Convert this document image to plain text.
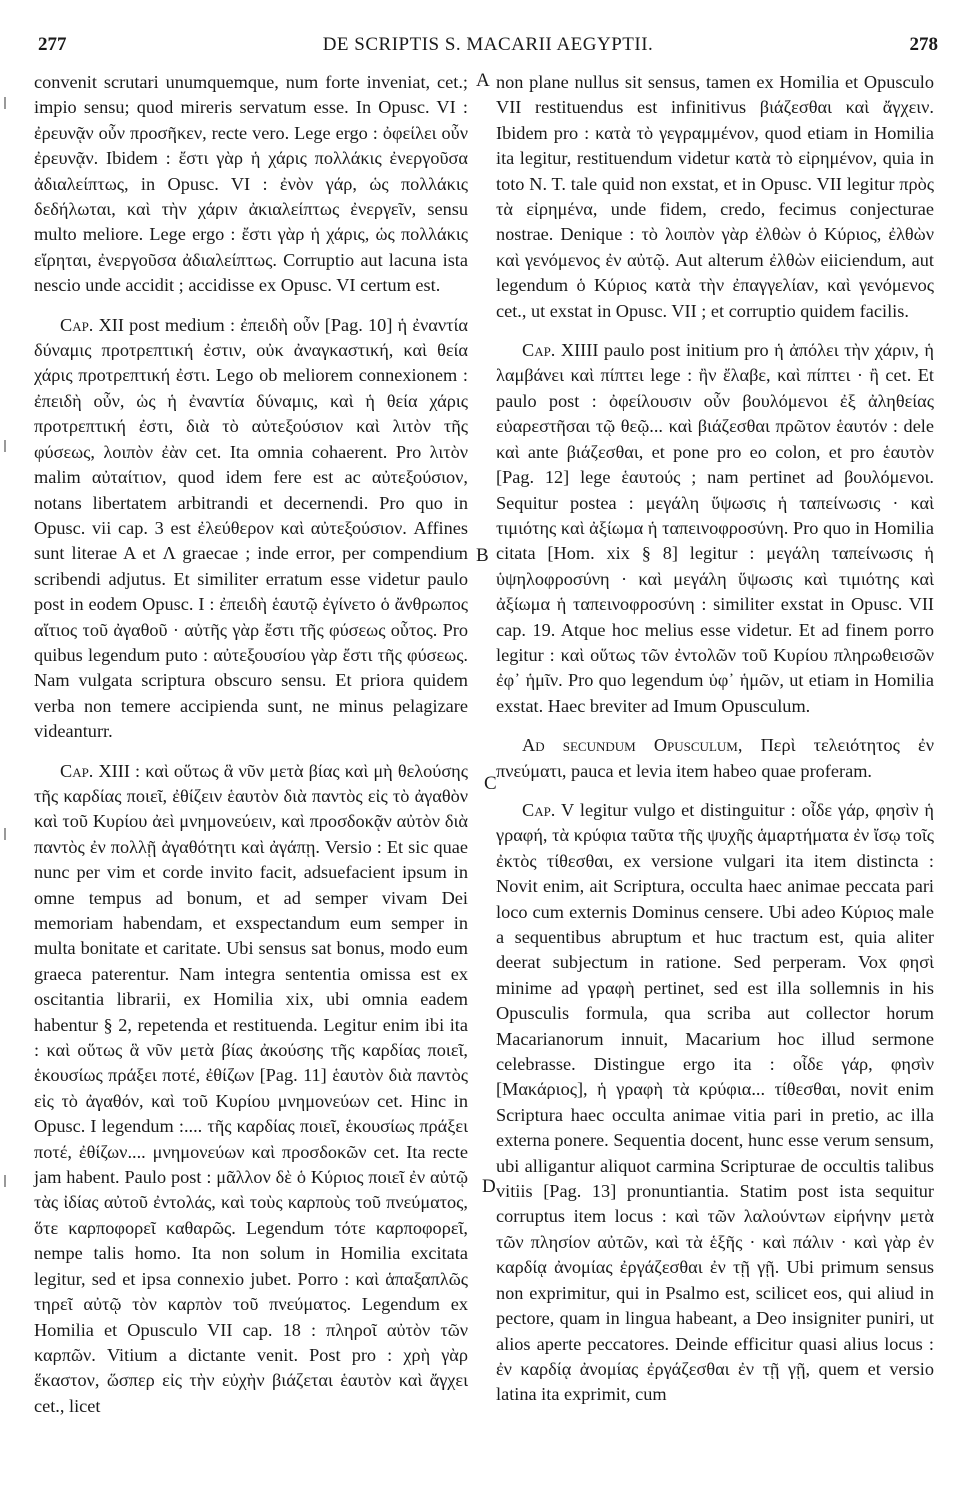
277	DE SCRIPTIS S. MACARII AEGYPTII.	278
A
B
C
D

convenit scrutari unumquemque, num forte inveniat, cet.; impio sensu; quod mireris servatum esse. In Opusc. VI : ἐρευνᾷν οὖν προσῆκεν, recte vero. Lege ergo : ὀφείλει οὖν ἐρευνᾷν. Ibidem : ἔστι γὰρ ἡ χάρις πολλάκις ἐνεργοῦσα ἀδιαλείπτως, in Opusc. VI : ἐνὸν γάρ, ὡς πολλάκις δεδήλωται, καὶ τὴν χάριν ἀκιαλείπτως ἐνεργεῖν, sensu multo meliore. Lege ergo : ἔστι γὰρ ἡ χάρις, ὡς πολλάκις εἴρηται, ἐνεργοῦσα ἀδιαλείπτως. Corruptio aut lacuna ista nescio unde accidit ; accidisse ex Opusc. VI certum est.

Cap. XII post medium : ἐπειδὴ οὖν [Pag. 10] ἡ ἐναντία δύναμις προτρεπτική ἐστιν, οὐκ ἀναγκαστική, καὶ θεία χάρις προτρεπτική ἐστι. Lego ob meliorem connexionem : ἐπειδὴ οὖν, ὡς ἡ ἐναντία δύναμις, καὶ ἡ θεία χάρις προτρεπτική ἐστι, διὰ τὸ αὐτεξούσιον καὶ λιτὸν τῆς φύσεως, λοιπὸν ἐὰν cet. Ita omnia cohaerent. Pro λιτὸν malim αὐταίτιον, quod idem fere est ac αὐτεξούσιον, notans libertatem arbitrandi et decernendi. Pro quo in Opusc. vii cap. 3 est ἐλεύθερον καὶ αὐτεξούσιον. Affines sunt literae A et Λ graecae ; inde error, per compendium scribendi adjutus. Et similiter erratum esse videtur paulo post in eodem Opusc. I : ἐπειδὴ ἑαυτῷ ἐγίνετο ὁ ἄνθρωπος αἴτιος τοῦ ἀγαθοῦ · αὐτῆς γὰρ ἔστι τῆς φύσεως οὗτος. Pro quibus legendum puto : αὐτεξουσίου γὰρ ἔστι τῆς φύσεως. Nam vulgata scriptura obscuro sensu. Et priora quidem verba non temere accipienda sunt, ne minus pelagizare videanturr.

Cap. XIII : καὶ οὕτως ἃ νῦν μετὰ βίας καὶ μὴ θελούσης τῆς καρδίας ποιεῖ, ἐθίζειν ἑαυτὸν διὰ παντὸς εἰς τὸ ἀγαθὸν καὶ τοῦ Κυρίου ἀεὶ μνημονεύειν, καὶ προσδοκᾷν αὐτὸν διὰ παντὸς ἐν πολλῇ ἀγαθότητι καὶ ἀγάπῃ. Versio : Et sic quae nunc per vim et corde invito facit, adsuefacient ipsum in omne tempus ad bonum, et ad semper vivam Dei memoriam habendam, et exspectandum eum semper in multa bonitate et caritate. Ubi sensus sat bonus, modo eum graeca paterentur. Nam integra sententia omissa est ex oscitantia librarii, ex Homilia xix, ubi omnia eadem habentur § 2, repetenda et restituenda. Legitur enim ibi ita : καὶ οὕτως ἃ νῦν μετὰ βίας ἀκούσης τῆς καρδίας ποιεῖ, ἑκουσίως πράξει ποτέ, ἐθίζων [Pag. 11] ἑαυτὸν διὰ παντὸς εἰς τὸ ἀγαθόν, καὶ τοῦ Κυρίου μνημονεύων cet. Hinc in Opusc. I legendum :.... τῆς καρδίας ποιεῖ, ἑκουσίως πράξει ποτέ, ἐθίζων.... μνημονεύων καὶ προσδοκῶν cet. Ita recte jam habent. Paulo post : μᾶλλον δὲ ὁ Κύριος ποιεῖ ἐν αὐτῷ τὰς ἰδίας αὐτοῦ ἐντολάς, καὶ τοὺς καρποὺς τοῦ πνεύματος, ὅτε καρποφορεῖ καθαρῶς. Legendum τότε καρποφορεῖ, nempe talis homo. Ita non solum in Homilia excitata legitur, sed et ipsa connexio jubet. Porro : καὶ ἁπαξαπλῶς τηρεῖ αὐτῷ τὸν καρπὸν τοῦ πνεύματος. Legendum ex Homilia et Opusculo VII cap. 18 : πληροῖ αὐτὸν τῶν καρπῶν. Vitium a dictante venit. Post pro : χρὴ γὰρ ἕκαστον, ὥσπερ εἰς τὴν εὐχὴν βιάζεται ἑαυτὸν καὶ ἄγχει cet., licet

non plane nullus sit sensus, tamen ex Homilia et Opusculo VII restituendus est infinitivus βιάζεσθαι καὶ ἄγχειν. Ibidem pro : κατὰ τὸ γεγραμμένον, quod etiam in Homilia ita legitur, restituendum videtur κατὰ τὸ εἰρημένον, quia in toto N. T. tale quid non exstat, et in Opusc. VII legitur πρὸς τὰ εἰρημένα, unde fidem, credo, fecimus conjecturae nostrae. Denique : τὸ λοιπὸν γὰρ ἐλθὼν ὁ Κύριος, ἐλθὼν καὶ γενόμενος ἐν αὐτῷ. Aut alterum ἐλθὼν eiiciendum, aut legendum ὁ Κύριος κατὰ τὴν ἐπαγγελίαν, καὶ γενόμενος cet., ut exstat in Opusc. VII ; et corruptio quidem facilis.

Cap. XIIII paulo post initium pro ἡ ἀπόλει τὴν χάριν, ἡ λαμβάνει καὶ πίπτει lege : ἢν ἔλαβε, καὶ πίπτει · ἢ cet. Et paulo post : ὀφείλουσιν οὖν βουλόμενοι ἐξ ἀληθείας εὐαρεστῆσαι τῷ θεῷ... καὶ βιάζεσθαι πρῶτον ἑαυτόν : dele καὶ ante βιάζεσθαι, et pone pro eo colon, et pro ἑαυτὸν [Pag. 12] lege ἑαυτούς ; nam pertinet ad βουλόμενοι. Sequitur postea : μεγάλη ὕψωσις ἡ ταπείνωσις · καὶ τιμιότης καὶ ἀξίωμα ἡ ταπεινοφροσύνη. Pro quo in Homilia citata [Hom. xix § 8] legitur : μεγάλη ταπείνωσις ἡ ὑψηλοφροσύνη · καὶ μεγάλη ὕψωσις καὶ τιμιότης καὶ ἀξίωμα ἡ ταπεινοφροσύνη : similiter exstat in Opusc. VII cap. 19. Atque hoc melius esse videtur. Et ad finem porro legitur : καὶ οὕτως τῶν ἐντολῶν τοῦ Κυρίου πληρωθεισῶν ἐφ᾽ ἡμῖν. Pro quo legendum ὑφ᾽ ἡμῶν, ut etiam in Homilia exstat. Haec breviter ad Imum Opusculum.

Ad secundum Opusculum, Περὶ τελειότητος ἐν πνεύματι, pauca et levia item habeo quae proferam.

Cap. V legitur vulgo et distinguitur : οἶδε γάρ, φησὶν ἡ γραφή, τὰ κρύφια ταῦτα τῆς ψυχῆς ἁμαρτήματα ἐν ἴσῳ τοῖς ἐκτὸς τίθεσθαι, ex versione vulgari ita item distincta : Novit enim, ait Scriptura, occulta haec animae peccata pari loco cum externis Dominus censere. Ubi adeo Κύριος male a sequentibus abruptum et huc tractum est, quia aliter deerat subjectum in ratione. Sed perperam. Vox φησὶ minime ad γραφὴ pertinet, sed est illa sollemnis in his Opusculis formula, qua scriba aut collector horum Macarianorum innuit, Macarium hoc illud sermone celebrasse. Distingue ergo ita : οἶδε γάρ, φησὶν [Μακάριος], ἡ γραφὴ τὰ κρύφια... τίθεσθαι, novit enim Scriptura haec occulta animae vitia pari in pretio, ac illa externa ponere. Sequentia docent, hunc esse verum sensum, ubi alligantur aliquot carmina Scripturae de occultis talibus vitiis [Pag. 13] pronuntiantia. Statim post ista sequitur corruptus item locus : καὶ τῶν λαλούντων εἰρήνην μετὰ τῶν πλησίον αὐτῶν, καὶ τὰ ἑξῆς · καὶ πάλιν · καὶ γὰρ ἐν καρδίᾳ ἀνομίας ἐργάζεσθαι ἐν τῇ γῇ. Ubi primum sensus non exprimitur, qui in Psalmo est, scilicet eos, qui aliud in pectore, quam in lingua habeant, a Deo insigniter puniri, ut alios aperte peccatores. Deinde efficitur quasi alius locus : ἐν καρδίᾳ ἀνομίας ἐργάζεσθαι ἐν τῇ γῇ, quem et versio latina ita exprimit, cum
